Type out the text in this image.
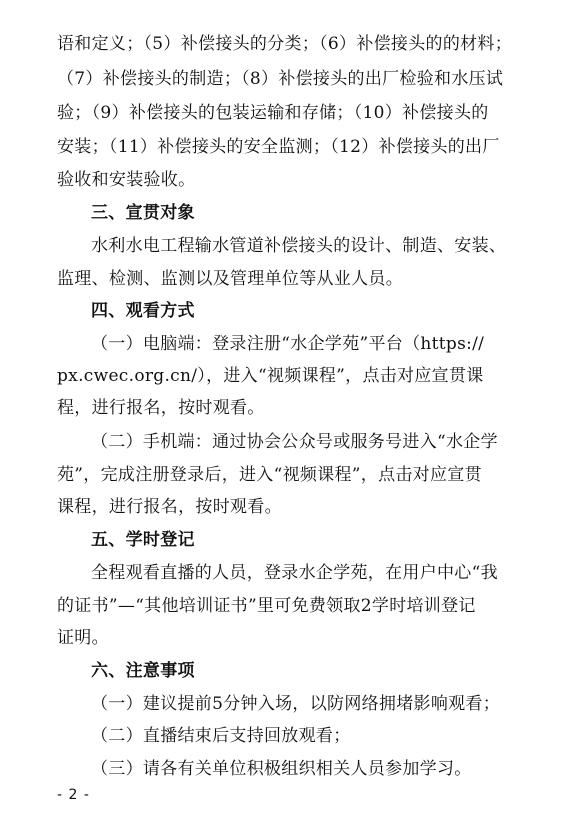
语和定义；（5）补偿接头的分类；（6）补偿接头的的材料；
（7）补偿接头的制造；（8）补偿接头的出厂检验和水压试
验；（9）补偿接头的包装运输和存储；（10）补偿接头的
安装；（11）补偿接头的安全监测；（12）补偿接头的出厂
验收和安装验收。
三、宣贯对象
水利水电工程输水管道补偿接头的设计、制造、安装、
监理、检测、监测以及管理单位等从业人员。
四、观看方式
（一）电脑端：登录注册“水企学苑”平台（https://
px.cwec.org.cn/），进入“视频课程”，点击对应宣贯课
程，进行报名，按时观看。
（二）手机端：通过协会公众号或服务号进入“水企学
苑”，完成注册登录后，进入“视频课程”，点击对应宣贯
课程，进行报名，按时观看。
五、学时登记
全程观看直播的人员，登录水企学苑，在用户中心“我
的证书”—“其他培训证书”里可免费领取2学时培训登记
证明。
六、注意事项
（一）建议提前5分钟入场，以防网络拥堵影响观看；
（二）直播结束后支持回放观看；
（三）请各有关单位积极组织相关人员参加学习。
- 2 -
